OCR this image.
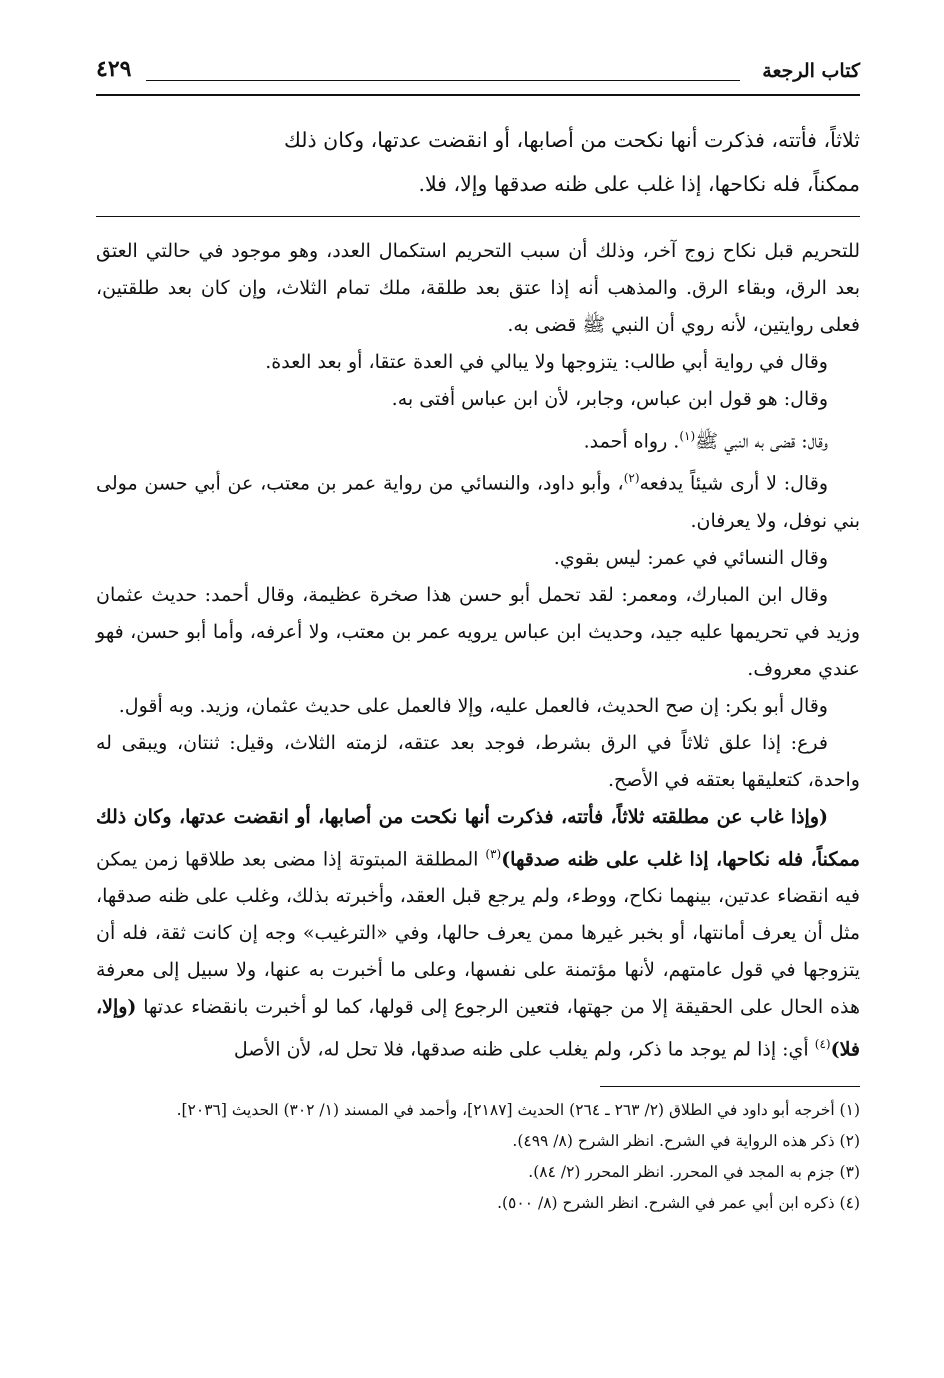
كتاب الرجعة
٤٢٩

ثلاثاً، فأتته، فذكرت أنها نكحت من أصابها، أو انقضت عدتها، وكان ذلك

ممكناً، فله نكاحها، إذا غلب على ظنه صدقها وإلا، فلا.

للتحريم قبل نكاح زوج آخر، وذلك أن سبب التحريم استكمال العدد، وهو موجود في حالتي العتق بعد الرق، وبقاء الرق. والمذهب أنه إذا عتق بعد طلقة، ملك تمام الثلاث، وإن كان بعد طلقتين، فعلى روايتين، لأنه روي أن النبي ﷺ قضى به.

وقال في رواية أبي طالب: يتزوجها ولا يبالي في العدة عتقا، أو بعد العدة.

وقال: هو قول ابن عباس، وجابر، لأن ابن عباس أفتى به.

وقال: قضى به النبي ﷺ$^{(١)}$. رواه أحمد.

وقال: لا أرى شيئاً يدفعه$^{(٢)}$، وأبو داود، والنسائي من رواية عمر بن معتب، عن أبي حسن مولى بني نوفل، ولا يعرفان.

وقال النسائي في عمر: ليس بقوي.

وقال ابن المبارك، ومعمر: لقد تحمل أبو حسن هذا صخرة عظيمة، وقال أحمد: حديث عثمان وزيد في تحريمها عليه جيد، وحديث ابن عباس يرويه عمر بن معتب، ولا أعرفه، وأما أبو حسن، فهو عندي معروف.

وقال أبو بكر: إن صح الحديث، فالعمل عليه، وإلا فالعمل على حديث عثمان، وزيد. وبه أقول.

فرع: إذا علق ثلاثاً في الرق بشرط، فوجد بعد عتقه، لزمته الثلاث، وقيل: ثنتان، ويبقى له واحدة، كتعليقها بعتقه في الأصح.

(وإذا غاب عن مطلقته ثلاثاً، فأتته، فذكرت أنها نكحت من أصابها، أو انقضت عدتها، وكان ذلك ممكناً، فله نكاحها، إذا غلب على ظنه صدقها)$^{(٣)}$ المطلقة المبتوتة إذا مضى بعد طلاقها زمن يمكن فيه انقضاء عدتين، بينهما نكاح، ووطء، ولم يرجع قبل العقد، وأخبرته بذلك، وغلب على ظنه صدقها، مثل أن يعرف أمانتها، أو بخبر غيرها ممن يعرف حالها، وفي «الترغيب» وجه إن كانت ثقة، فله أن يتزوجها في قول عامتهم، لأنها مؤتمنة على نفسها، وعلى ما أخبرت به عنها، ولا سبيل إلى معرفة هذه الحال على الحقيقة إلا من جهتها، فتعين الرجوع إلى قولها، كما لو أخبرت بانقضاء عدتها (وإلا، فلا)$^{(٤)}$ أي: إذا لم يوجد ما ذكر، ولم يغلب على ظنه صدقها، فلا تحل له، لأن الأصل

(١) أخرجه أبو داود في الطلاق (٢/ ٢٦٣ ـ ٢٦٤) الحديث [٢١٨٧]، وأحمد في المسند (١/ ٣٠٢) الحديث [٢٠٣٦].

(٢) ذكر هذه الرواية في الشرح. انظر الشرح (٨/ ٤٩٩).

(٣) جزم به المجد في المحرر. انظر المحرر (٢/ ٨٤).

(٤) ذكره ابن أبي عمر في الشرح. انظر الشرح (٨/ ٥٠٠).
